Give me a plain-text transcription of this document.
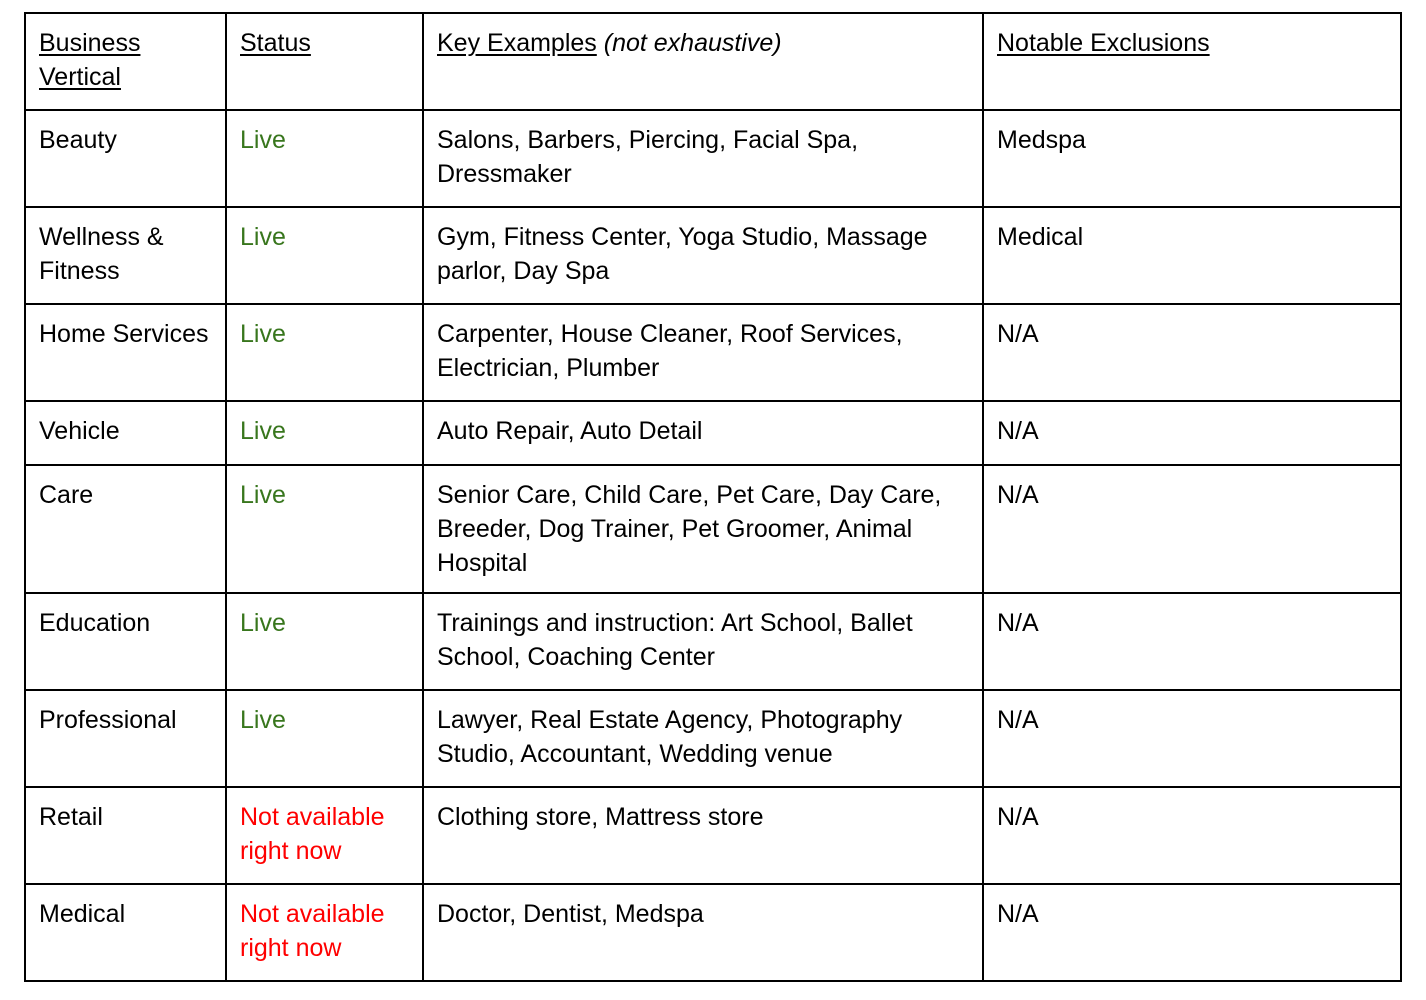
Business Vertical	Status	Key Examples (not exhaustive)	Notable Exclusions
Beauty	Live	Salons, Barbers, Piercing, Facial Spa, Dressmaker	Medspa
Wellness & Fitness	Live	Gym, Fitness Center, Yoga Studio, Massage parlor, Day Spa	Medical
Home Services	Live	Carpenter, House Cleaner, Roof Services, Electrician, Plumber	N/A
Vehicle	Live	Auto Repair, Auto Detail	N/A
Care	Live	Senior Care, Child Care, Pet Care, Day Care, Breeder, Dog Trainer, Pet Groomer, Animal Hospital	N/A
Education	Live	Trainings and instruction: Art School, Ballet School, Coaching Center	N/A
Professional	Live	Lawyer, Real Estate Agency, Photography Studio, Accountant, Wedding venue	N/A
Retail	Not available right now	Clothing store, Mattress store	N/A
Medical	Not available right now	Doctor, Dentist, Medspa	N/A
